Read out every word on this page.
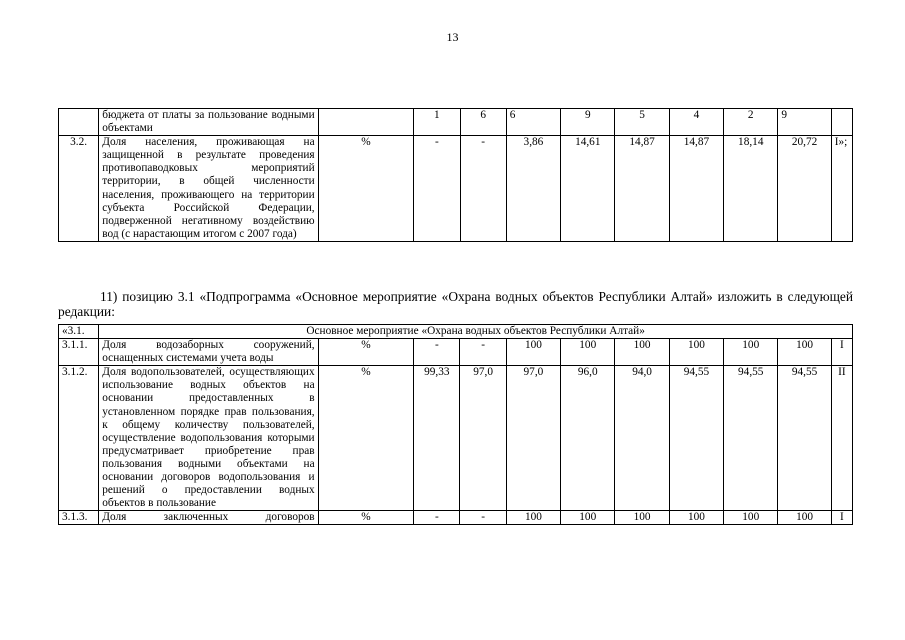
13
	бюджета от платы за пользование водными объектами		1	6	6	9	5	4	2	9	
3.2.	Доля населения, проживающая на защищенной в результате проведения противопаводковых мероприятий территории, в общей численности населения, проживающего на территории субъекта Российской Федерации, подверженной негативному воздействию вод (с нарастающим итогом с 2007 года)	%	-	-	3,86	14,61	14,87	14,87	18,14	20,72	I»;
11) позицию 3.1 «Подпрограмма «Основное мероприятие «Охрана водных объектов Республики Алтай» изложить в следующей редакции:
«3.1.	Основное мероприятие «Охрана водных объектов Республики Алтай»										
3.1.1.	Доля водозаборных сооружений, оснащенных системами учета воды	%	-	-	100	100	100	100	100	100	I
3.1.2.	Доля водопользователей, осуществляющих использование водных объектов на основании предоставленных в установленном порядке прав пользования, к общему количеству пользователей, осуществление водопользования которыми предусматривает приобретение прав пользования водными объектами на основании договоров водопользования и решений о предоставлении водных объектов в пользование	%	99,33	97,0	97,0	96,0	94,0	94,55	94,55	94,55	II
3.1.3.	Доля заключенных договоров	%	-	-	100	100	100	100	100	100	I
